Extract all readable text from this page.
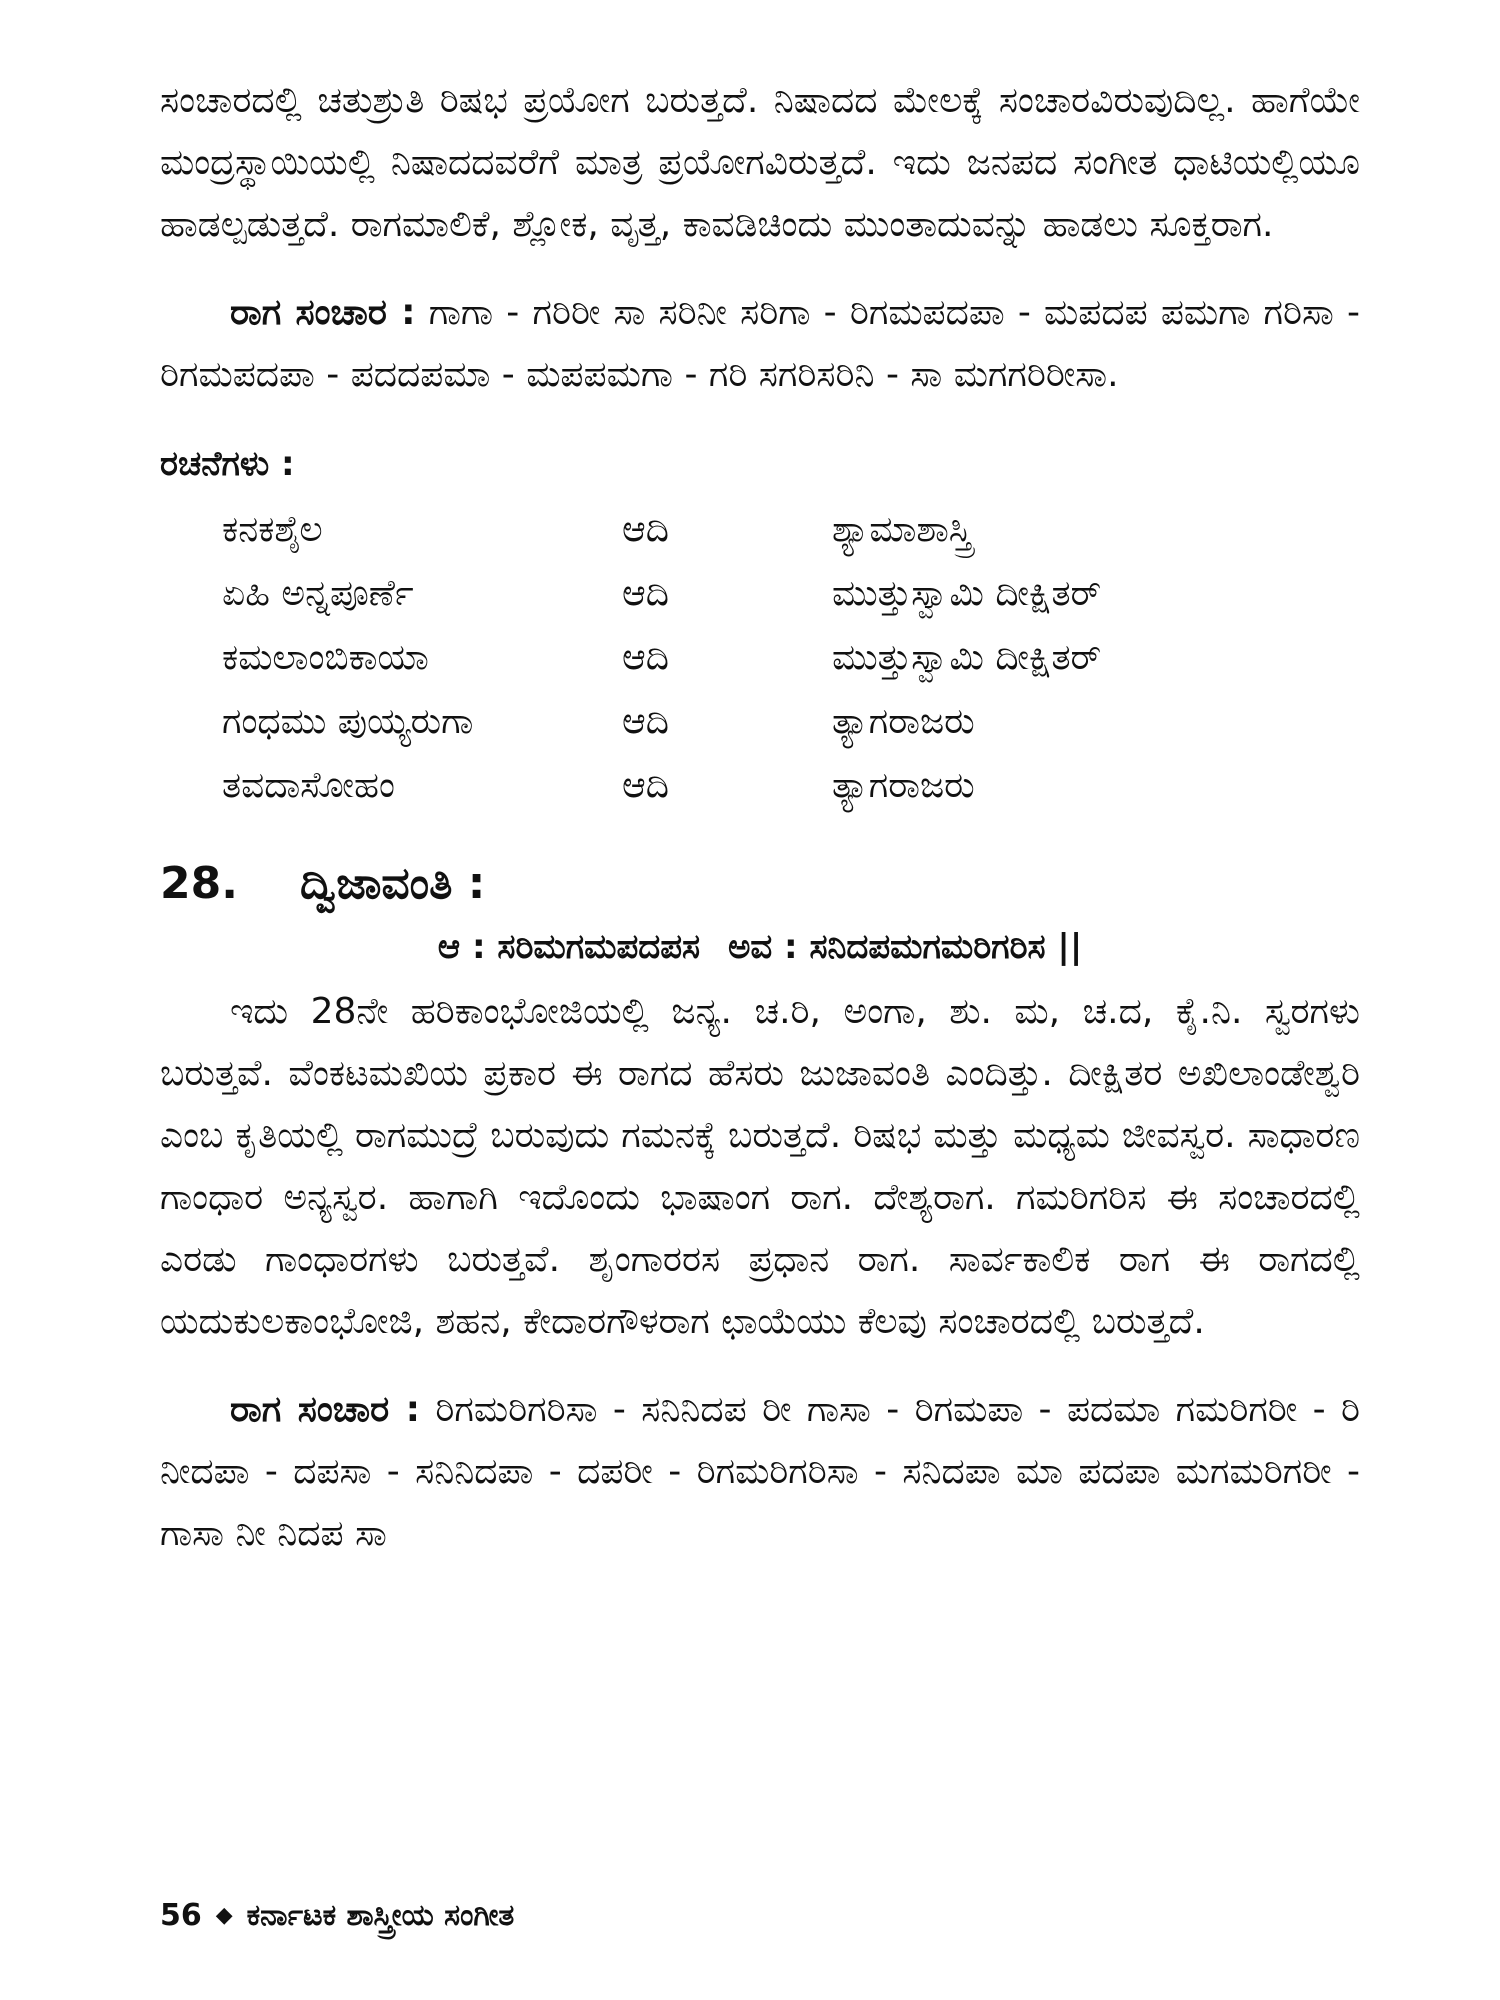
ಸಂಚಾರದಲ್ಲಿ ಚತುಶ್ರುತಿ ರಿಷಭ ಪ್ರಯೋಗ ಬರುತ್ತದೆ. ನಿಷಾದದ ಮೇಲಕ್ಕೆ ಸಂಚಾರವಿರುವುದಿಲ್ಲ. ಹಾಗೆಯೇ ಮಂದ್ರಸ್ಥಾಯಿಯಲ್ಲಿ ನಿಷಾದದವರೆಗೆ ಮಾತ್ರ ಪ್ರಯೋಗವಿರುತ್ತದೆ. ಇದು ಜನಪದ ಸಂಗೀತ ಧಾಟಿಯಲ್ಲಿಯೂ ಹಾಡಲ್ಪಡುತ್ತದೆ. ರಾಗಮಾಲಿಕೆ, ಶ್ಲೋಕ, ವೃತ್ತ, ಕಾವಡಿಚಿಂದು ಮುಂತಾದುವನ್ನು ಹಾಡಲು ಸೂಕ್ತರಾಗ.

ರಾಗ ಸಂಚಾರ : ಗಾಗಾ - ಗರಿರೀ ಸಾ ಸರಿನೀ ಸರಿಗಾ - ರಿಗಮಪದಪಾ - ಮಪದಪ ಪಮಗಾ ಗರಿಸಾ - ರಿಗಮಪದಪಾ - ಪದದಪಮಾ - ಮಪಪಮಗಾ - ಗರಿ ಸಗರಿಸರಿನಿ - ಸಾ ಮಗಗರಿರೀಸಾ.

ರಚನೆಗಳು :
ಕನಕಶೈಲ	ಆದಿ	ಶ್ಯಾಮಾಶಾಸ್ತ್ರಿ
ಏಹಿ ಅನ್ನಪೂರ್ಣೆ	ಆದಿ	ಮುತ್ತುಸ್ವಾಮಿ ದೀಕ್ಷಿತರ್
ಕಮಲಾಂಬಿಕಾಯಾ	ಆದಿ	ಮುತ್ತುಸ್ವಾಮಿ ದೀಕ್ಷಿತರ್
ಗಂಧಮು ಪುಯ್ಯರುಗಾ	ಆದಿ	ತ್ಯಾಗರಾಜರು
ತವದಾಸೋಹಂ	ಆದಿ	ತ್ಯಾಗರಾಜರು
28.	ದ್ವಿಜಾವಂತಿ :
ಆ : ಸರಿಮಗಮಪದಪಸ ಅವ : ಸನಿದಪಮಗಮರಿಗರಿಸ ||

ಇದು 28ನೇ ಹರಿಕಾಂಭೋಜಿಯಲ್ಲಿ ಜನ್ಯ. ಚ.ರಿ, ಅಂಗಾ, ಶು. ಮ, ಚ.ದ, ಕೈ.ನಿ. ಸ್ವರಗಳು ಬರುತ್ತವೆ. ವೆಂಕಟಮಖಿಯ ಪ್ರಕಾರ ಈ ರಾಗದ ಹೆಸರು ಜುಜಾವಂತಿ ಎಂದಿತ್ತು. ದೀಕ್ಷಿತರ ಅಖಿಲಾಂಡೇಶ್ವರಿ ಎಂಬ ಕೃತಿಯಲ್ಲಿ ರಾಗಮುದ್ರೆ ಬರುವುದು ಗಮನಕ್ಕೆ ಬರುತ್ತದೆ. ರಿಷಭ ಮತ್ತು ಮಧ್ಯಮ ಜೀವಸ್ವರ. ಸಾಧಾರಣ ಗಾಂಧಾರ ಅನ್ಯಸ್ವರ. ಹಾಗಾಗಿ ಇದೊಂದು ಭಾಷಾಂಗ ರಾಗ. ದೇಶ್ಯರಾಗ. ಗಮರಿಗರಿಸ ಈ ಸಂಚಾರದಲ್ಲಿ ಎರಡು ಗಾಂಧಾರಗಳು ಬರುತ್ತವೆ. ಶೃಂಗಾರರಸ ಪ್ರಧಾನ ರಾಗ. ಸಾರ್ವಕಾಲಿಕ ರಾಗ ಈ ರಾಗದಲ್ಲಿ ಯದುಕುಲಕಾಂಭೋಜಿ, ಶಹನ, ಕೇದಾರಗೌಳರಾಗ ಛಾಯೆಯು ಕೆಲವು ಸಂಚಾರದಲ್ಲಿ ಬರುತ್ತದೆ.

ರಾಗ ಸಂಚಾರ : ರಿಗಮರಿಗರಿಸಾ - ಸನಿನಿದಪ ರೀ ಗಾಸಾ - ರಿಗಮಪಾ - ಪದಮಾ ಗಮರಿಗರೀ - ರಿ ನೀದಪಾ - ದಪಸಾ - ಸನಿನಿದಪಾ - ದಪರೀ - ರಿಗಮರಿಗರಿಸಾ - ಸನಿದಪಾ ಮಾ ಪದಪಾ ಮಗಮರಿಗರೀ - ಗಾಸಾ ನೀ ನಿದಪ ಸಾ

56 ◆ ಕರ್ನಾಟಕ ಶಾಸ್ತ್ರೀಯ ಸಂಗೀತ
